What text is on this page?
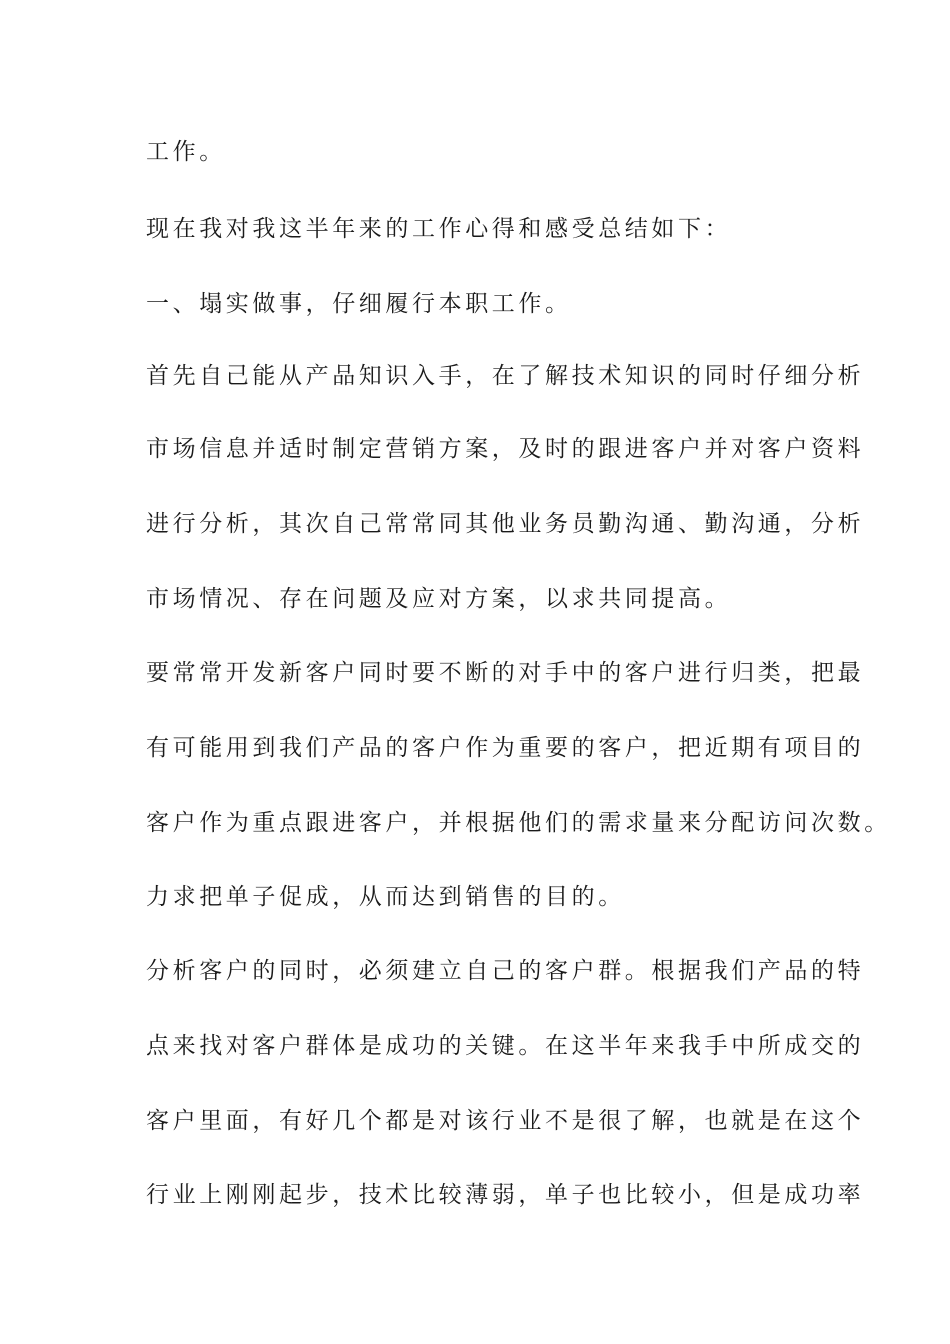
工作。
现在我对我这半年来的工作心得和感受总结如下：
一、塌实做事，仔细履行本职工作。
首先自己能从产品知识入手，在了解技术知识的同时仔细分析
市场信息并适时制定营销方案，及时的跟进客户并对客户资料
进行分析，其次自己常常同其他业务员勤沟通、勤沟通，分析
市场情况、存在问题及应对方案，以求共同提高。
要常常开发新客户同时要不断的对手中的客户进行归类，把最
有可能用到我们产品的客户作为重要的客户，把近期有项目的
客户作为重点跟进客户，并根据他们的需求量来分配访问次数。
力求把单子促成，从而达到销售的目的。
分析客户的同时，必须建立自己的客户群。根据我们产品的特
点来找对客户群体是成功的关键。在这半年来我手中所成交的
客户里面，有好几个都是对该行业不是很了解，也就是在这个
行业上刚刚起步，技术比较薄弱，单子也比较小，但是成功率
